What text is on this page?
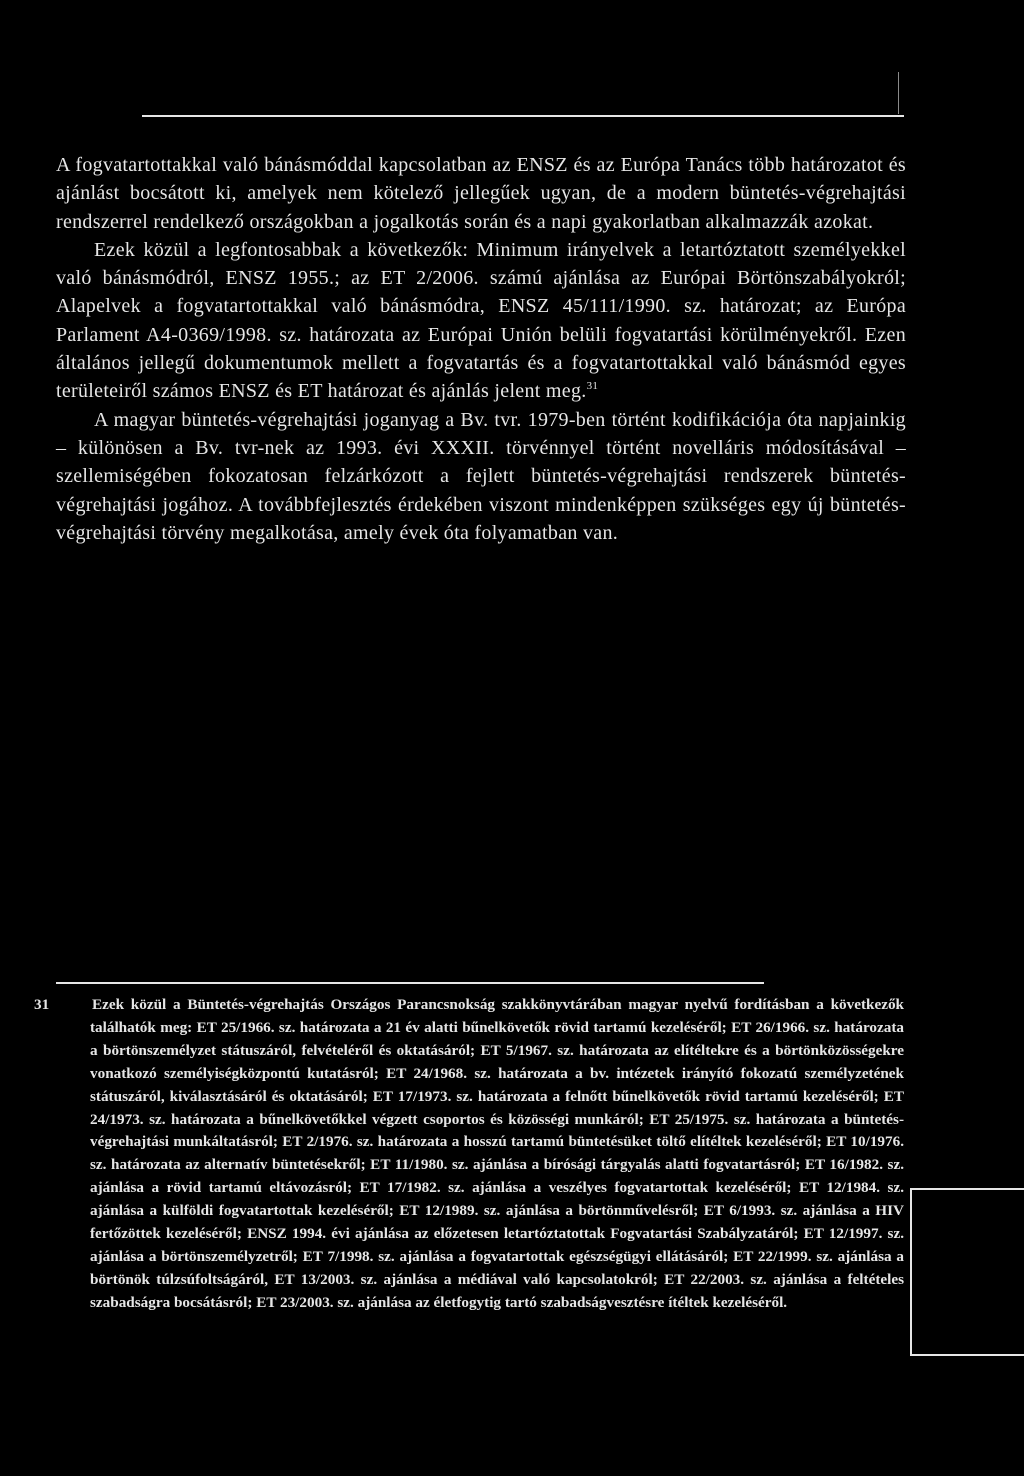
A fogvatartottakkal való bánásmóddal kapcsolatban az ENSZ és az Európa Tanács több határozatot és ajánlást bocsátott ki, amelyek nem kötelező jellegűek ugyan, de a modern büntetés-végrehajtási rendszerrel rendelkező országokban a jogalkotás során és a napi gyakorlatban alkalmazzák azokat.

Ezek közül a legfontosabbak a következők: Minimum irányelvek a letartóztatott személyekkel való bánásmódról, ENSZ 1955.; az ET 2/2006. számú ajánlása az Európai Börtönszabályokról; Alapelvek a fogvatartottakkal való bánásmódra, ENSZ 45/111/1990. sz. határozat; az Európa Parlament A4-0369/1998. sz. határozata az Európai Unión belüli fogvatartási körülményekről. Ezen általános jellegű dokumentumok mellett a fogvatartás és a fogvatartottakkal való bánásmód egyes területeiről számos ENSZ és ET határozat és ajánlás jelent meg.$^{31}$

A magyar büntetés-végrehajtási joganyag a Bv. tvr. 1979-ben történt kodifikációja óta napjainkig – különösen a Bv. tvr-nek az 1993. évi XXXII. törvénnyel történt novelláris módosításával – szellemiségében fokozatosan felzárkózott a fejlett büntetés-végrehajtási rendszerek büntetés-végrehajtási jogához. A továbbfejlesztés érdekében viszont mindenképpen szükséges egy új büntetés-végrehajtási törvény megalkotása, amely évek óta folyamatban van.

31	Ezek közül a Büntetés-végrehajtás Országos Parancsnokság szakkönyvtárában magyar nyelvű fordításban a következők találhatók meg: ET 25/1966. sz. határozata a 21 év alatti bűnelkövetők rövid tartamú kezeléséről; ET 26/1966. sz. határozata a börtönszemélyzet státuszáról, felvételéről és oktatásáról; ET 5/1967. sz. határozata az elítéltekre és a börtönközösségekre vonatkozó személyiségközpontú kutatásról; ET 24/1968. sz. határozata a bv. intézetek irányító fokozatú személyzetének státuszáról, kiválasztásáról és oktatásáról; ET 17/1973. sz. határozata a felnőtt bűnelkövetők rövid tartamú kezeléséről; ET 24/1973. sz. határozata a bűnelkövetőkkel végzett csoportos és közösségi munkáról; ET 25/1975. sz. határozata a büntetés-végrehajtási munkáltatásról; ET 2/1976. sz. határozata a hosszú tartamú büntetésüket töltő elítéltek kezeléséről; ET 10/1976. sz. határozata az alternatív büntetésekről; ET 11/1980. sz. ajánlása a bírósági tárgyalás alatti fogvatartásról; ET 16/1982. sz. ajánlása a rövid tartamú eltávozásról; ET 17/1982. sz. ajánlása a veszélyes fogvatartottak kezeléséről; ET 12/1984. sz. ajánlása a külföldi fogvatartottak kezeléséről; ET 12/1989. sz. ajánlása a börtönművelésről; ET 6/1993. sz. ajánlása a HIV fertőzöttek kezeléséről; ENSZ 1994. évi ajánlása az előzetesen letartóztatottak Fogvatartási Szabályzatáról; ET 12/1997. sz. ajánlása a börtönszemélyzetről; ET 7/1998. sz. ajánlása a fogvatartottak egészségügyi ellátásáról; ET 22/1999. sz. ajánlása a börtönök túlzsúfoltságáról, ET 13/2003. sz. ajánlása a médiával való kapcsolatokról; ET 22/2003. sz. ajánlása a feltételes szabadságra bocsátásról; ET 23/2003. sz. ajánlása az életfogytig tartó szabadságvesztésre ítéltek kezeléséről.
